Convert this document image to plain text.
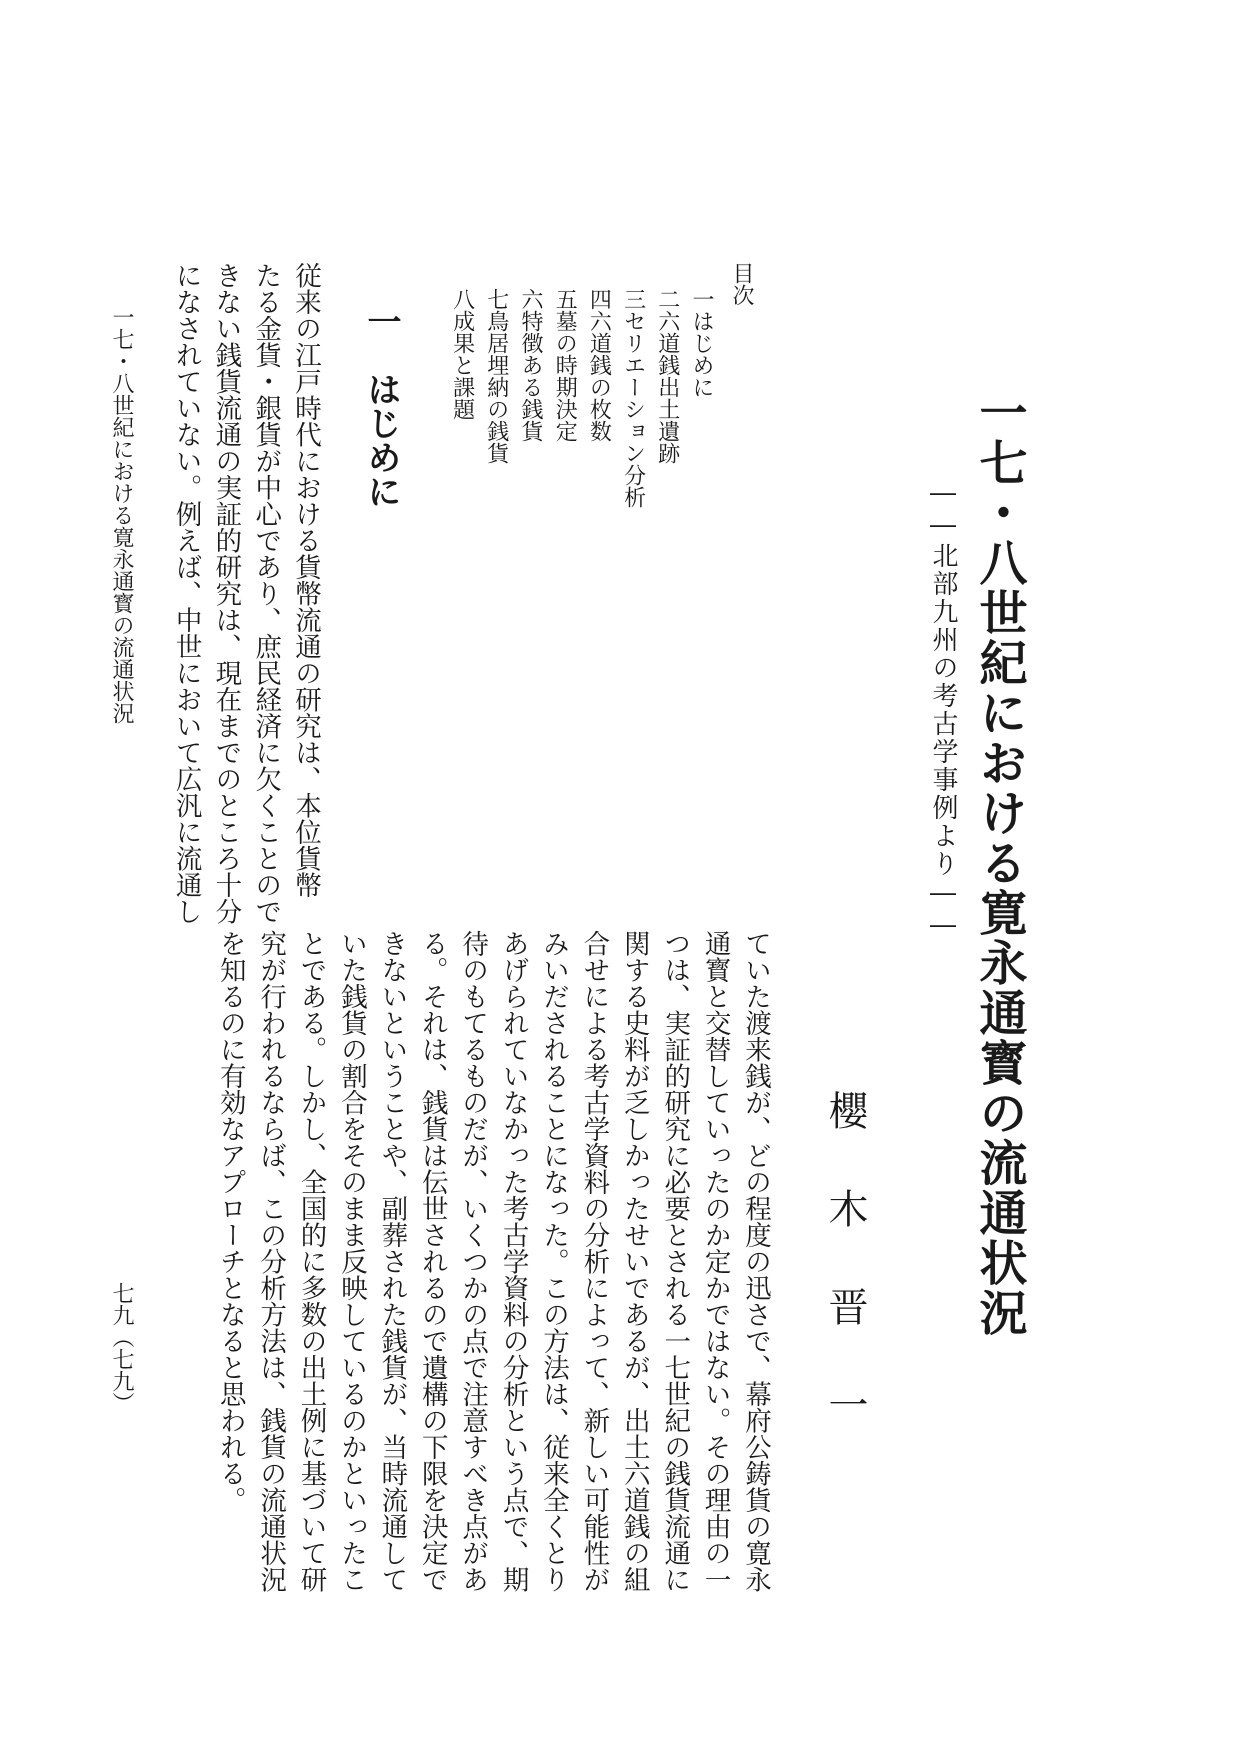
一七・八世紀における寛永通寳の流通状況
――北部九州の考古学事例より――
櫻木晋一
目次
一はじめに
二六道銭出土遺跡
三セリエーション分析
四六道銭の枚数
五墓の時期決定
六特徴ある銭貨
七鳥居埋納の銭貨
八成果と課題
一　はじめに
従来の江戸時代における貨幣流通の研究は、本位貨幣
たる金貨・銀貨が中心であり、庶民経済に欠くことので
きない銭貨流通の実証的研究は、現在までのところ十分
になされていない。例えば、中世において広汎に流通し
ていた渡来銭が、どの程度の迅さで、幕府公鋳貨の寛永
通寳と交替していったのか定かではない。その理由の一
つは、実証的研究に必要とされる一七世紀の銭貨流通に
関する史料が乏しかったせいであるが、出土六道銭の組
合せによる考古学資料の分析によって、新しい可能性が
みいだされることになった。この方法は、従来全くとり
あげられていなかった考古学資料の分析という点で、期
待のもてるものだが、いくつかの点で注意すべき点があ
る。それは、銭貨は伝世されるので遺構の下限を決定で
きないということや、副葬された銭貨が、当時流通して
いた銭貨の割合をそのまま反映しているのかといったこ
とである。しかし、全国的に多数の出土例に基づいて研
究が行われるならば、この分析方法は、銭貨の流通状況
を知るのに有効なアプローチとなると思われる。
一七・八世紀における寛永通寳の流通状況
七九（七九）
